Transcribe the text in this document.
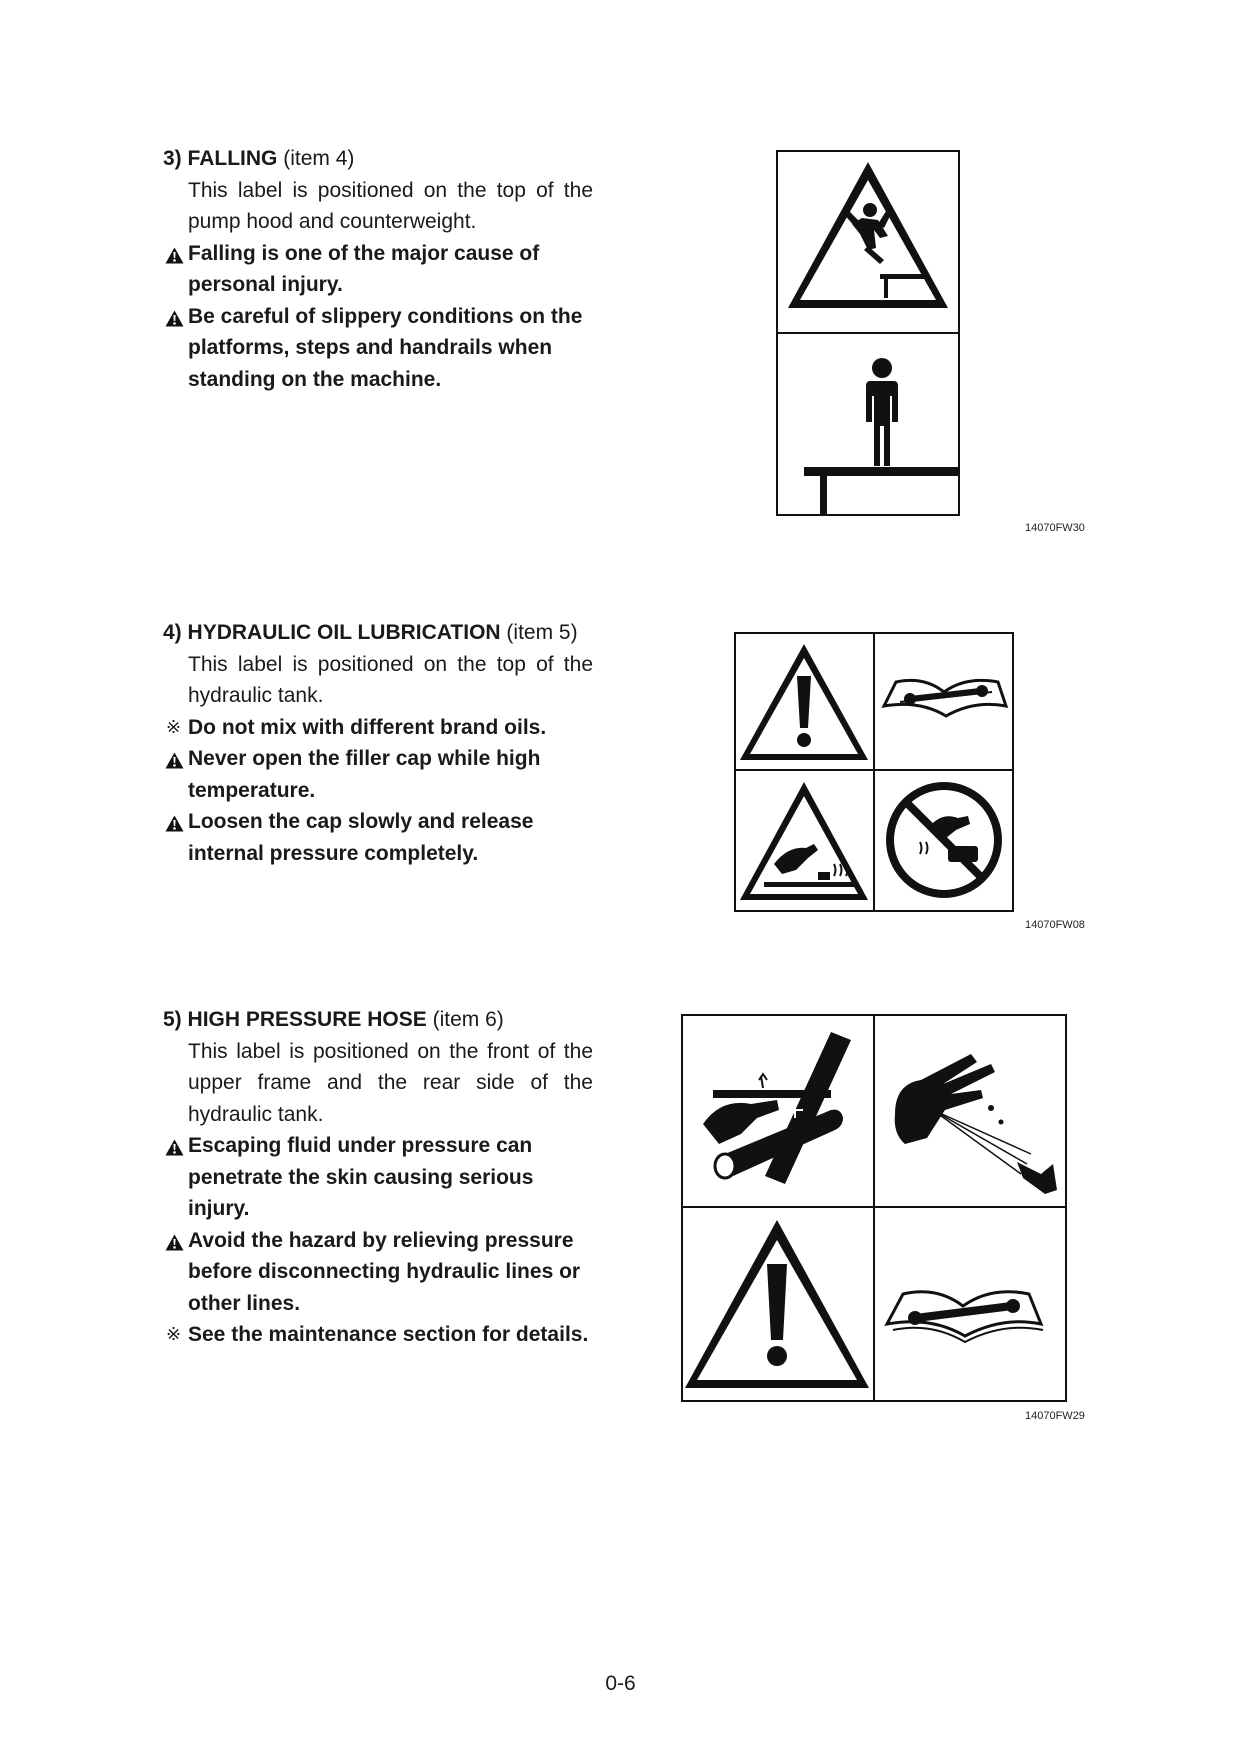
3) FALLING (item 4)
This label is positioned on the top of the pump hood and counterweight.
Falling is one of the major cause of personal injury.
Be careful of slippery conditions on the platforms, steps and handrails when standing on the machine.
14070FW30
4) HYDRAULIC OIL LUBRICATION (item 5)
This label is positioned on the top of the hydraulic tank.
※ Do not mix with different brand oils.
Never open the filler cap while high temperature.
Loosen the cap slowly and release internal pressure completely.
14070FW08
5) HIGH PRESSURE HOSE (item 6)
This label is positioned on the front of the upper frame and the rear side of the hydraulic tank.
Escaping fluid under pressure can penetrate the skin causing serious injury.
Avoid the hazard by relieving pressure before disconnecting hydraulic lines or other lines.
※ See the maintenance section for details.
14070FW29
0-6
